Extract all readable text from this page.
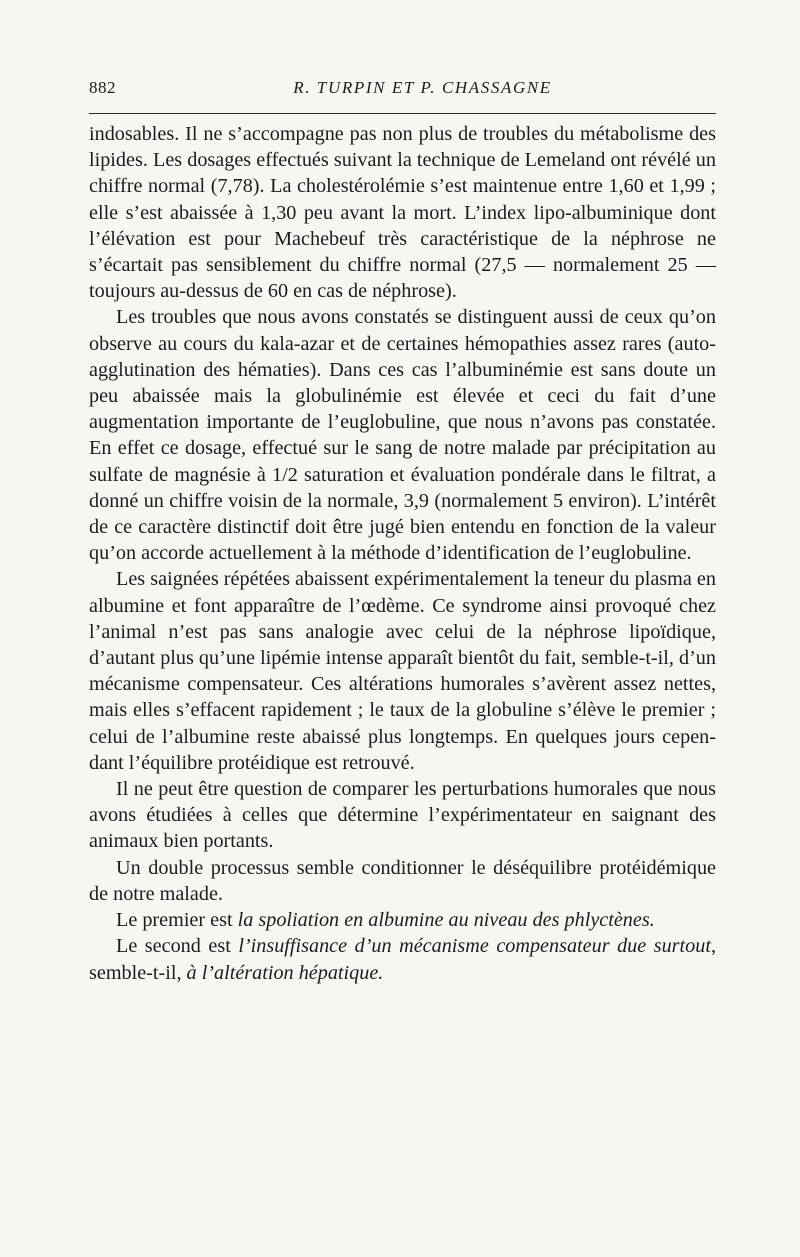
882	R. TURPIN ET P. CHASSAGNE

indosables. Il ne s’accompagne pas non plus de troubles du métabolisme des lipides. Les dosages effectués suivant la technique de Lemeland ont révélé un chiffre normal (7,78). La cholestérolémie s’est maintenue entre 1,60 et 1,99 ; elle s’est abaissée à 1,30 peu avant la mort. L’index lipo-albuminique dont l’élévation est pour Machebeuf très caractéristique de la néphrose ne s’écartait pas sensiblement du chiffre normal (27,5 — normalement 25 — toujours au-dessus de 60 en cas de néphrose).

Les troubles que nous avons constatés se distinguent aussi de ceux qu’on observe au cours du kala-azar et de certaines hémopathies assez rares (auto-agglutination des hématies). Dans ces cas l’albuminémie est sans doute un peu abaissée mais la globulinémie est élevée et ceci du fait d’une augmentation importante de l’euglobuline, que nous n’avons pas constatée. En effet ce dosage, effectué sur le sang de notre malade par précipitation au sulfate de magnésie à 1/2 saturation et évaluation pondérale dans le filtrat, a donné un chiffre voisin de la normale, 3,9 (normalement 5 environ). L’intérêt de ce caractère distinctif doit être jugé bien entendu en fonction de la valeur qu’on accorde actuellement à la méthode d’identification de l’euglobuline.

Les saignées répétées abaissent expérimentalement la teneur du plasma en albumine et font apparaître de l’œdème. Ce syndrome ainsi provoqué chez l’animal n’est pas sans analogie avec celui de la néphrose lipoïdique, d’autant plus qu’une lipémie intense apparaît bientôt du fait, semble-t-il, d’un mécanisme compensateur. Ces altérations humorales s’avèrent assez nettes, mais elles s’effacent rapidement ; le taux de la globuline s’élève le premier ; celui de l’albumine reste abaissé plus longtemps. En quelques jours cependant l’équilibre protéidique est retrouvé.

Il ne peut être question de comparer les perturbations humorales que nous avons étudiées à celles que détermine l’expérimentateur en saignant des animaux bien portants.

Un double processus semble conditionner le déséquilibre protéidémique de notre malade.

Le premier est la spoliation en albumine au niveau des phlyctènes.

Le second est l’insuffisance d’un mécanisme compensateur due surtout, semble-t-il, à l’altération hépatique.
